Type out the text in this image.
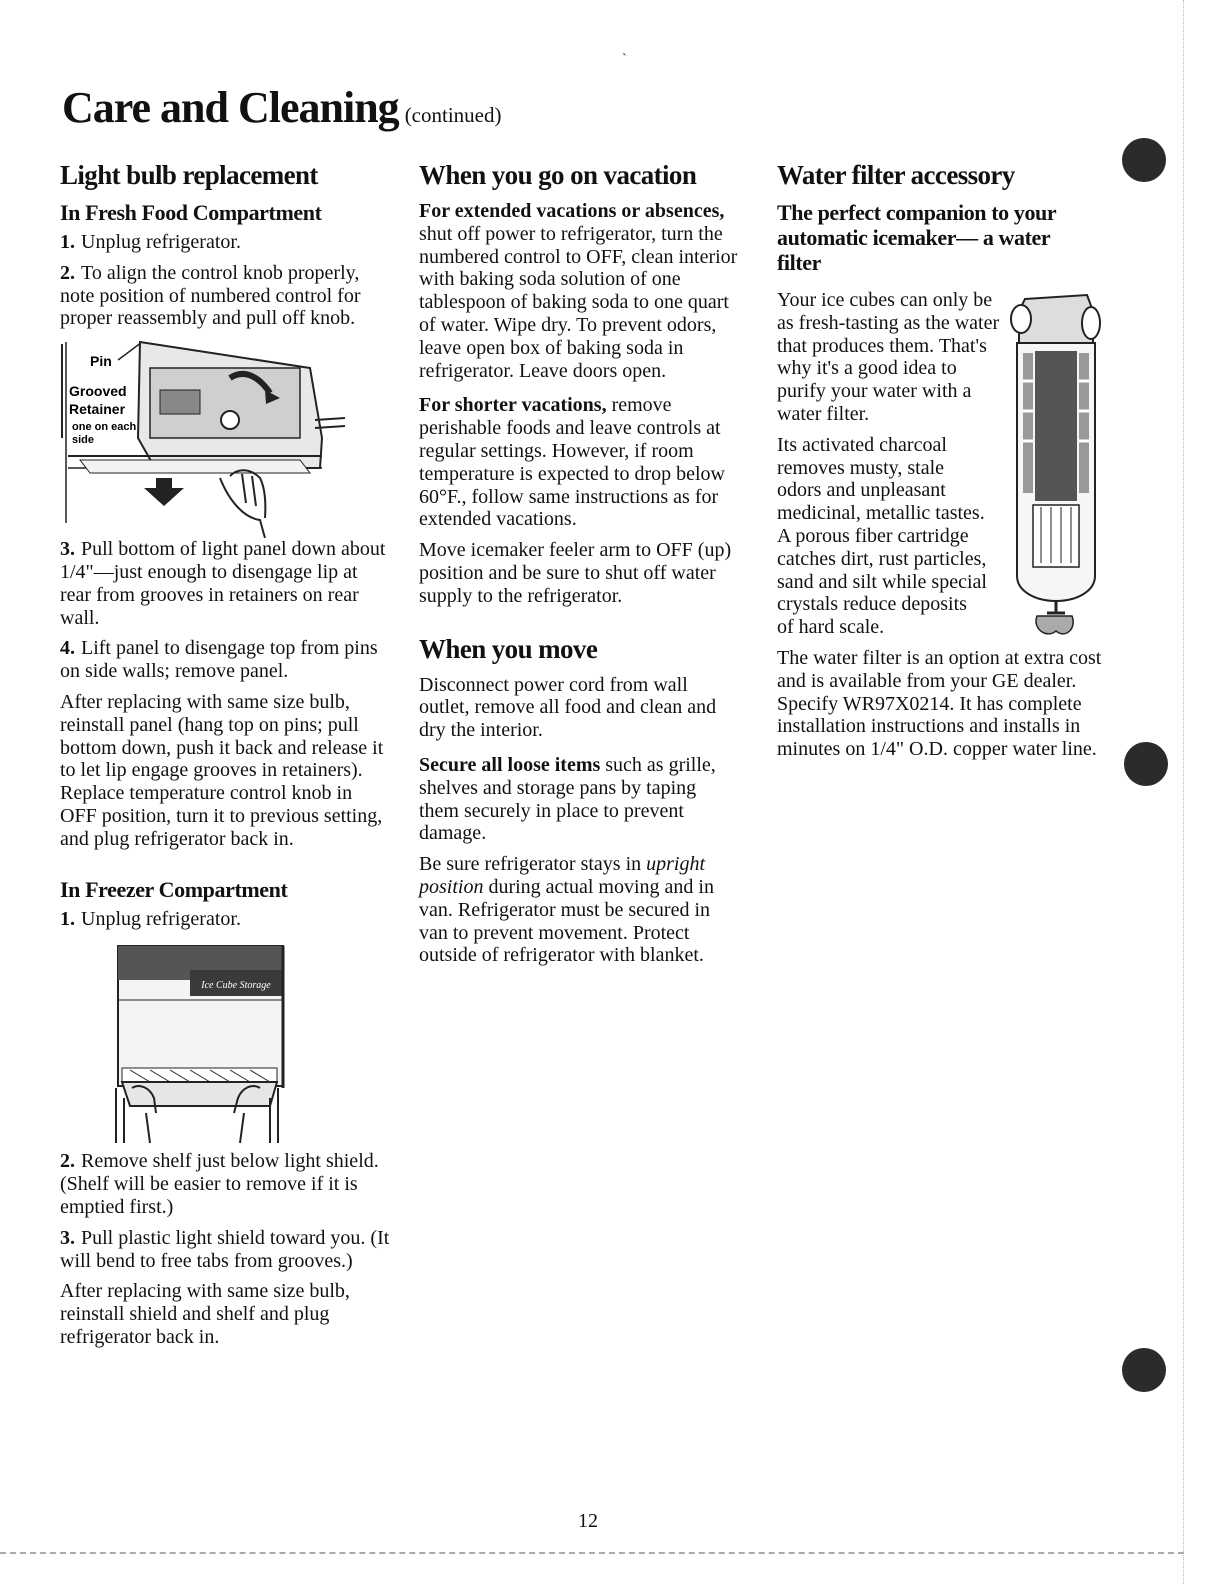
`
Care and Cleaning (continued)
Light bulb replacement
In Fresh Food Compartment

1. Unplug refrigerator.

2. To align the control knob properly, note position of numbered control for proper reassembly and pull off knob.

Pin
Grooved
Retainer
one on each
side

3. Pull bottom of light panel down about 1/4"—just enough to disengage lip at rear from grooves in retainers on rear wall.

4. Lift panel to disengage top from pins on side walls; remove panel.

After replacing with same size bulb, reinstall panel (hang top on pins; pull bottom down, push it back and release it to let lip engage grooves in retainers). Replace temperature control knob in OFF position, turn it to previous setting, and plug refrigerator back in.

In Freezer Compartment

1. Unplug refrigerator.

Ice Cube Storage

2. Remove shelf just below light shield. (Shelf will be easier to remove if it is emptied first.)

3. Pull plastic light shield toward you. (It will bend to free tabs from grooves.)

After replacing with same size bulb, reinstall shield and shelf and plug refrigerator back in.

When you go on vacation

For extended vacations or absences, shut off power to refrigerator, turn the numbered control to OFF, clean interior with baking soda solution of one tablespoon of baking soda to one quart of water. Wipe dry. To prevent odors, leave open box of baking soda in refrigerator. Leave doors open.

For shorter vacations, remove perishable foods and leave controls at regular settings. However, if room temperature is expected to drop below 60°F., follow same instructions as for extended vacations.

Move icemaker feeler arm to OFF (up) position and be sure to shut off water supply to the refrigerator.

When you move

Disconnect power cord from wall outlet, remove all food and clean and dry the interior.

Secure all loose items such as grille, shelves and storage pans by taping them securely in place to prevent damage.

Be sure refrigerator stays in upright position during actual moving and in van. Refrigerator must be secured in van to prevent movement. Protect outside of refrigerator with blanket.

Water filter accessory
The perfect companion to your automatic icemaker— a water filter

Your ice cubes can only be as fresh-tasting as the water that produces them. That's why it's a good idea to purify your water with a water filter.

Its activated charcoal removes musty, stale odors and unpleasant medicinal, metallic tastes. A porous fiber cartridge catches dirt, rust particles, sand and silt while special crystals reduce deposits of hard scale.

The water filter is an option at extra cost and is available from your GE dealer. Specify WR97X0214. It has complete installation instructions and installs in minutes on 1/4" O.D. copper water line.

12
